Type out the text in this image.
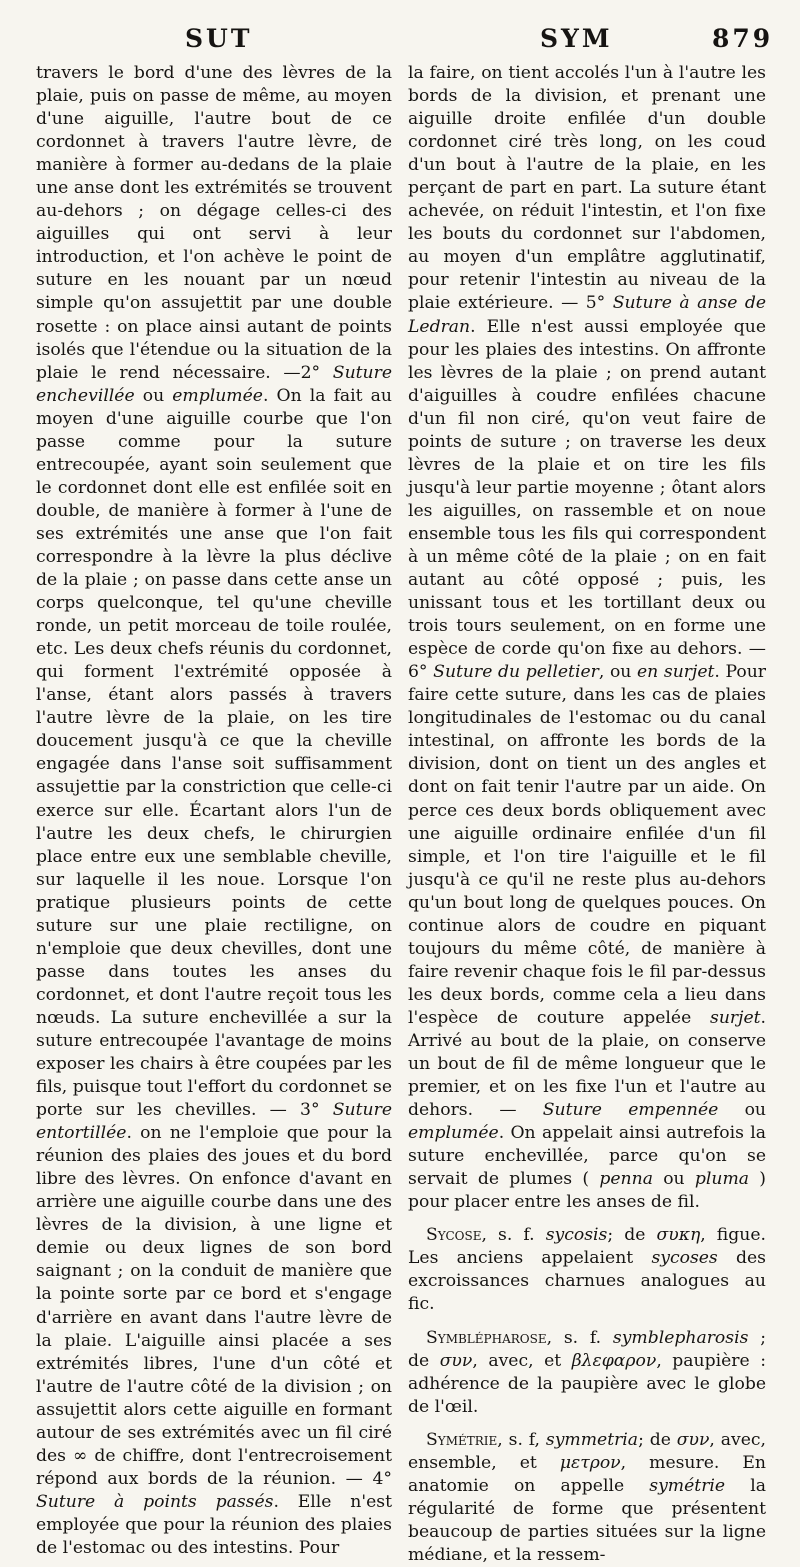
SUT	SYM	879

travers le bord d'une des lèvres de la plaie, puis on passe de même, au moyen d'une aiguille, l'autre bout de ce cordonnet à travers l'autre lèvre, de manière à former au-dedans de la plaie une anse dont les extrémités se trouvent au-dehors ; on dégage celles-ci des aiguilles qui ont servi à leur introduction, et l'on achève le point de suture en les nouant par un nœud simple qu'on assujettit par une double rosette : on place ainsi autant de points isolés que l'étendue ou la situation de la plaie le rend nécessaire. —2° Suture enchevillée ou emplumée. On la fait au moyen d'une aiguille courbe que l'on passe comme pour la suture entrecoupée, ayant soin seulement que le cordonnet dont elle est enfilée soit en double, de manière à former à l'une de ses extrémités une anse que l'on fait correspondre à la lèvre la plus déclive de la plaie ; on passe dans cette anse un corps quelconque, tel qu'une cheville ronde, un petit morceau de toile roulée, etc. Les deux chefs réunis du cordonnet, qui forment l'extrémité opposée à l'anse, étant alors passés à travers l'autre lèvre de la plaie, on les tire doucement jusqu'à ce que la cheville engagée dans l'anse soit suffisamment assujettie par la constriction que celle-ci exerce sur elle. Écartant alors l'un de l'autre les deux chefs, le chirurgien place entre eux une semblable cheville, sur laquelle il les noue. Lorsque l'on pratique plusieurs points de cette suture sur une plaie rectiligne, on n'emploie que deux chevilles, dont une passe dans toutes les anses du cordonnet, et dont l'autre reçoit tous les nœuds. La suture enchevillée a sur la suture entrecoupée l'avantage de moins exposer les chairs à être coupées par les fils, puisque tout l'effort du cordonnet se porte sur les chevilles. — 3° Suture entortillée. on ne l'emploie que pour la réunion des plaies des joues et du bord libre des lèvres. On enfonce d'avant en arrière une aiguille courbe dans une des lèvres de la division, à une ligne et demie ou deux lignes de son bord saignant ; on la conduit de manière que la pointe sorte par ce bord et s'engage d'arrière en avant dans l'autre lèvre de la plaie. L'aiguille ainsi placée a ses extrémités libres, l'une d'un côté et l'autre de l'autre côté de la division ; on assujettit alors cette aiguille en formant autour de ses extrémités avec un fil ciré des ∞ de chiffre, dont l'entrecroisement répond aux bords de la réunion. — 4° Suture à points passés. Elle n'est employée que pour la réunion des plaies de l'estomac ou des intestins. Pour

la faire, on tient accolés l'un à l'autre les bords de la division, et prenant une aiguille droite enfilée d'un double cordonnet ciré très long, on les coud d'un bout à l'autre de la plaie, en les perçant de part en part. La suture étant achevée, on réduit l'intestin, et l'on fixe les bouts du cordonnet sur l'abdomen, au moyen d'un emplâtre agglutinatif, pour retenir l'intestin au niveau de la plaie extérieure. — 5° Suture à anse de Ledran. Elle n'est aussi employée que pour les plaies des intestins. On affronte les lèvres de la plaie ; on prend autant d'aiguilles à coudre enfilées chacune d'un fil non ciré, qu'on veut faire de points de suture ; on traverse les deux lèvres de la plaie et on tire les fils jusqu'à leur partie moyenne ; ôtant alors les aiguilles, on rassemble et on noue ensemble tous les fils qui correspondent à un même côté de la plaie ; on en fait autant au côté opposé ; puis, les unissant tous et les tortillant deux ou trois tours seulement, on en forme une espèce de corde qu'on fixe au dehors. — 6° Suture du pelletier, ou en surjet. Pour faire cette suture, dans les cas de plaies longitudinales de l'estomac ou du canal intestinal, on affronte les bords de la division, dont on tient un des angles et dont on fait tenir l'autre par un aide. On perce ces deux bords obliquement avec une aiguille ordinaire enfilée d'un fil simple, et l'on tire l'aiguille et le fil jusqu'à ce qu'il ne reste plus au-dehors qu'un bout long de quelques pouces. On continue alors de coudre en piquant toujours du même côté, de manière à faire revenir chaque fois le fil par-dessus les deux bords, comme cela a lieu dans l'espèce de couture appelée surjet. Arrivé au bout de la plaie, on conserve un bout de fil de même longueur que le premier, et on les fixe l'un et l'autre au dehors. — Suture empennée ou emplumée. On appelait ainsi autrefois la suture enchevillée, parce qu'on se servait de plumes ( penna ou pluma ) pour placer entre les anses de fil.

Sycose, s. f. sycosis; de συκη, figue. Les anciens appelaient sycoses des excroissances charnues analogues au fic.

Symblépharose, s. f. symblepharosis ; de συν, avec, et βλεφαρον, paupière : adhérence de la paupière avec le globe de l'œil.

Symétrie, s. f, symmetria; de συν, avec, ensemble, et μετρον, mesure. En anatomie on appelle symétrie la régularité de forme que présentent beaucoup de parties situées sur la ligne médiane, et la ressem-
